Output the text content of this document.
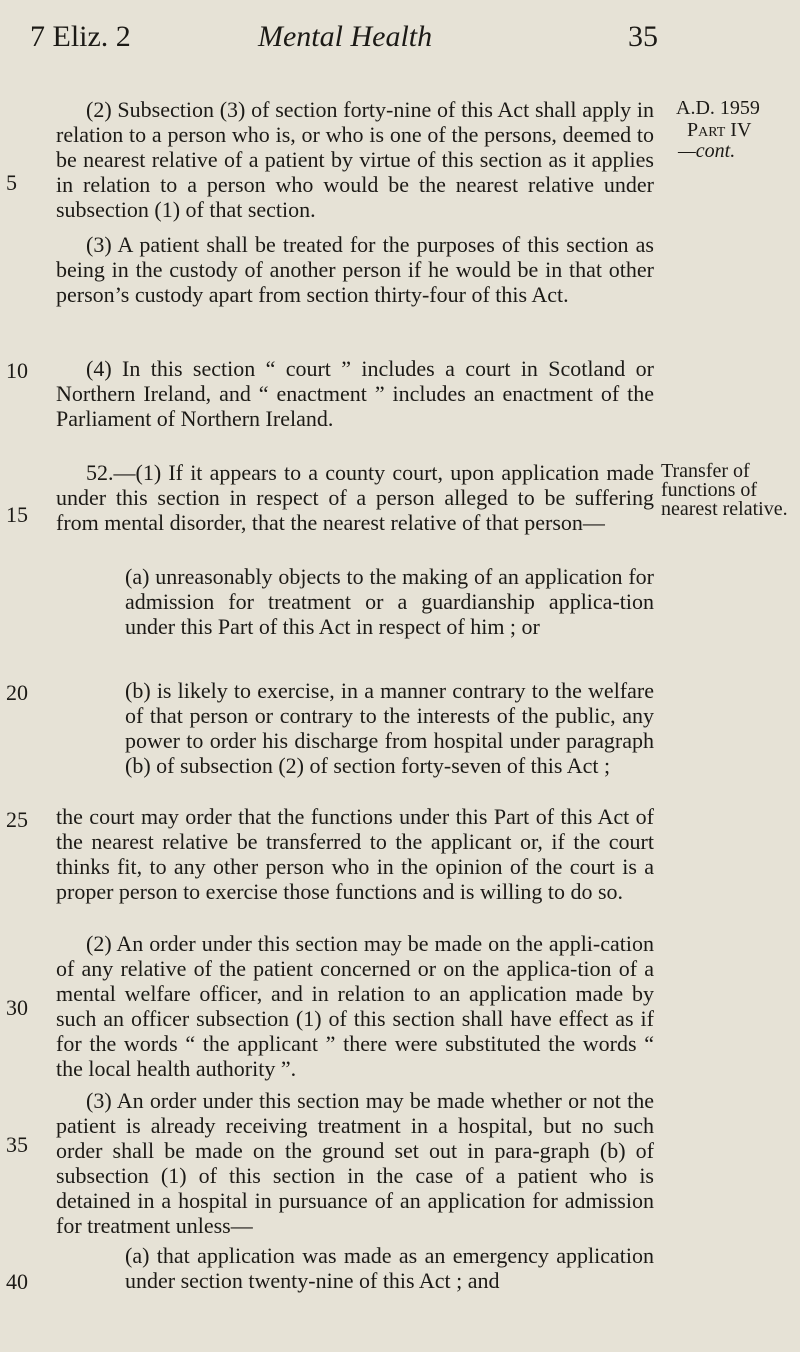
7 Eliz. 2	Mental Health	35
5
10
15
20
25
30
35
40
A.D. 1959
Part IV
—cont.
Transfer of functions of nearest relative.
(2) Subsection (3) of section forty-nine of this Act shall apply in relation to a person who is, or who is one of the persons, deemed to be nearest relative of a patient by virtue of this section as it applies in relation to a person who would be the nearest relative under subsection (1) of that section.
(3) A patient shall be treated for the purposes of this section as being in the custody of another person if he would be in that other person’s custody apart from section thirty-four of this Act.
(4) In this section “ court ” includes a court in Scotland or Northern Ireland, and “ enactment ” includes an enactment of the Parliament of Northern Ireland.
52.—(1) If it appears to a county court, upon application made under this section in respect of a person alleged to be suffering from mental disorder, that the nearest relative of that person—
(a) unreasonably objects to the making of an application for admission for treatment or a guardianship applica-tion under this Part of this Act in respect of him ; or
(b) is likely to exercise, in a manner contrary to the welfare of that person or contrary to the interests of the public, any power to order his discharge from hospital under paragraph (b) of subsection (2) of section forty-seven of this Act ;
the court may order that the functions under this Part of this Act of the nearest relative be transferred to the applicant or, if the court thinks fit, to any other person who in the opinion of the court is a proper person to exercise those functions and is willing to do so.
(2) An order under this section may be made on the appli-cation of any relative of the patient concerned or on the applica-tion of a mental welfare officer, and in relation to an application made by such an officer subsection (1) of this section shall have effect as if for the words “ the applicant ” there were substituted the words “ the local health authority ”.
(3) An order under this section may be made whether or not the patient is already receiving treatment in a hospital, but no such order shall be made on the ground set out in para-graph (b) of subsection (1) of this section in the case of a patient who is detained in a hospital in pursuance of an application for admission for treatment unless—
(a) that application was made as an emergency application under section twenty-nine of this Act ; and
